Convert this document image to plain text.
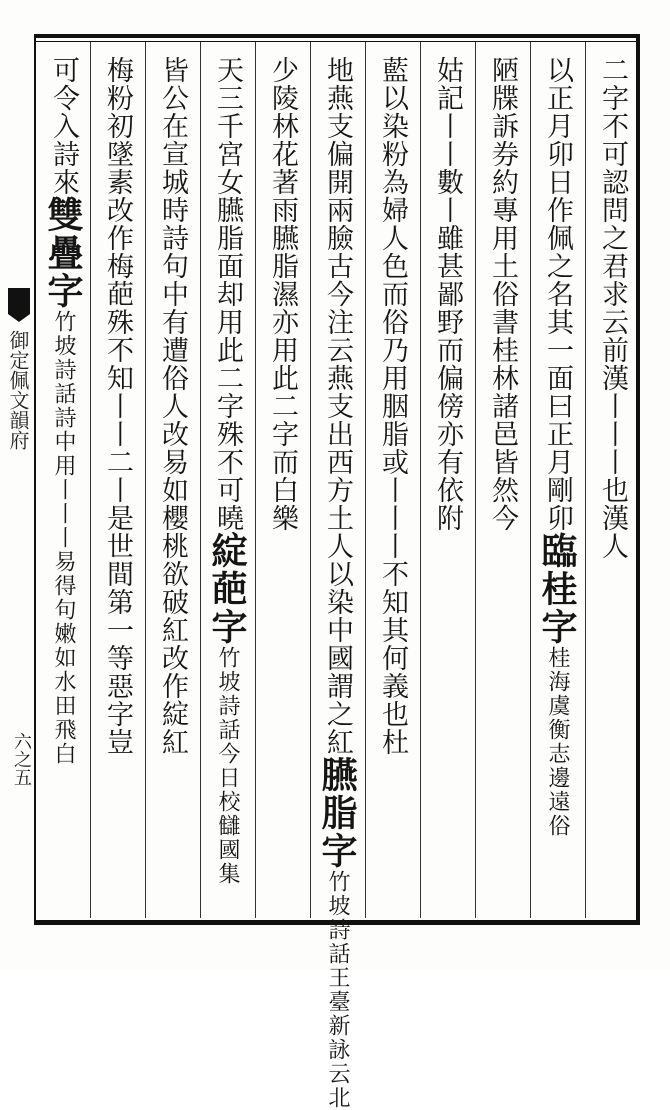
二字不可認問之君求云前漢丨丨丨也漢人
以正月卯日作佩之名其一面曰正月剛卯臨桂字桂海虞衡志邊遠俗
陋牒訴券約專用土俗書桂林諸邑皆然今
姑記丨丨數丨雖甚鄙野而偏傍亦有依附
藍以染粉為婦人色而俗乃用胭脂或丨丨丨不知其何義也杜
地燕支偏開兩臉古今注云燕支出西方土人以染中國謂之紅臙脂字竹坡詩話王臺新詠云北
少陵林花著雨臙脂濕亦用此二字而白樂
天三千宮女臙脂面却用此二字殊不可曉綻葩字竹坡詩話今日校讎國集
皆公在宣城時詩句中有遭俗人改易如櫻桃欲破紅改作綻紅
梅粉初墜素改作梅葩殊不知丨丨二丨是世間第一等惡字豈
可令入詩來雙疊字竹坡詩話詩中用丨丨丨易得句嫩如水田飛白
御定佩文韻府
六之五
